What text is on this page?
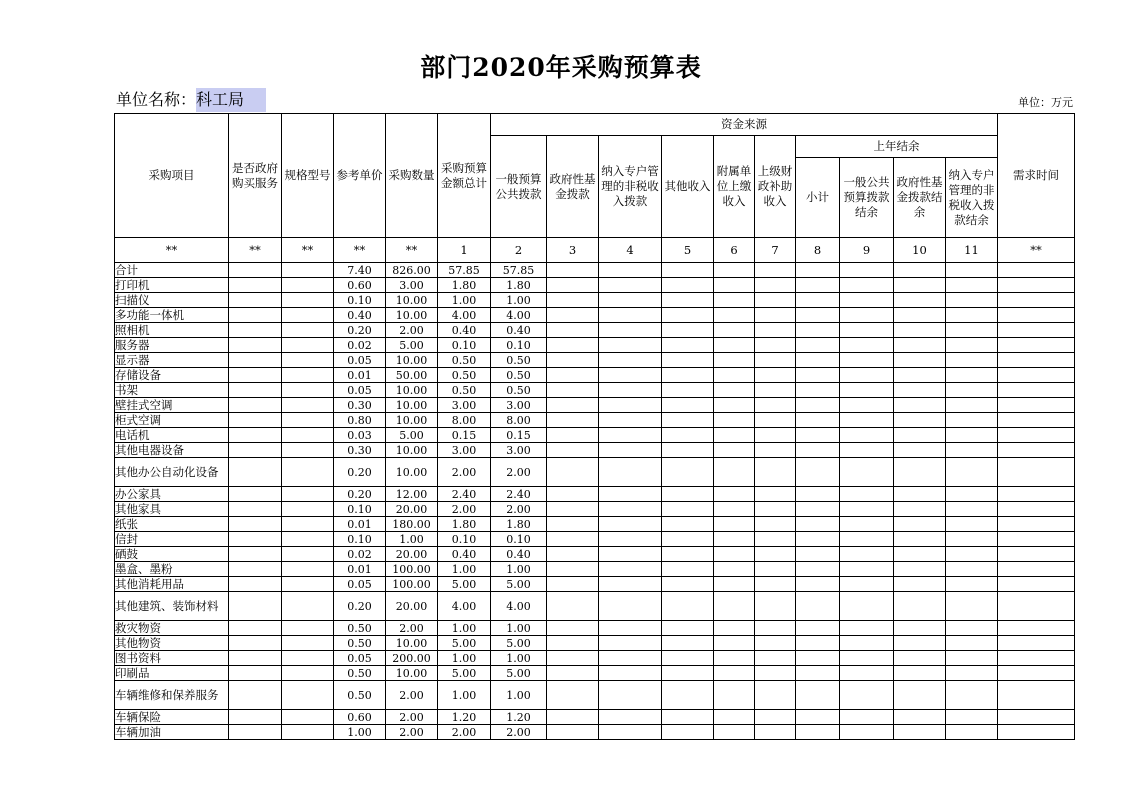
部门2020年采购预算表
单位名称：科工局	单位：万元
采购项目	是否政府购买服务	规格型号	参考单价	采购数量	采购预算金额总计	资金来源										需求时间
						一般预算公共拨款	政府性基金拨款	纳入专户管理的非税收入拨款	其他收入	附属单位上缴收入	上级财政补助收入	上年结余				
												小计	一般公共预算拨款结余	政府性基金拨款结余	纳入专户管理的非税收入拨款结余	
**	**	**	**	**	1	2	3	4	5	6	7	8	9	10	11	**
合计			7.40	826.00	57.85	57.85										
打印机			0.60	3.00	1.80	1.80										
扫描仪			0.10	10.00	1.00	1.00										
多功能一体机			0.40	10.00	4.00	4.00										
照相机			0.20	2.00	0.40	0.40										
服务器			0.02	5.00	0.10	0.10										
显示器			0.05	10.00	0.50	0.50										
存储设备			0.01	50.00	0.50	0.50										
书架			0.05	10.00	0.50	0.50										
壁挂式空调			0.30	10.00	3.00	3.00										
柜式空调			0.80	10.00	8.00	8.00										
电话机			0.03	5.00	0.15	0.15										
其他电器设备			0.30	10.00	3.00	3.00										
其他办公自动化设备			0.20	10.00	2.00	2.00										
办公家具			0.20	12.00	2.40	2.40										
其他家具			0.10	20.00	2.00	2.00										
纸张			0.01	180.00	1.80	1.80										
信封			0.10	1.00	0.10	0.10										
硒鼓			0.02	20.00	0.40	0.40										
墨盒、墨粉			0.01	100.00	1.00	1.00										
其他消耗用品			0.05	100.00	5.00	5.00										
其他建筑、装饰材料			0.20	20.00	4.00	4.00										
救灾物资			0.50	2.00	1.00	1.00										
其他物资			0.50	10.00	5.00	5.00										
图书资料			0.05	200.00	1.00	1.00										
印刷品			0.50	10.00	5.00	5.00										
车辆维修和保养服务			0.50	2.00	1.00	1.00										
车辆保险			0.60	2.00	1.20	1.20										
车辆加油			1.00	2.00	2.00	2.00										
